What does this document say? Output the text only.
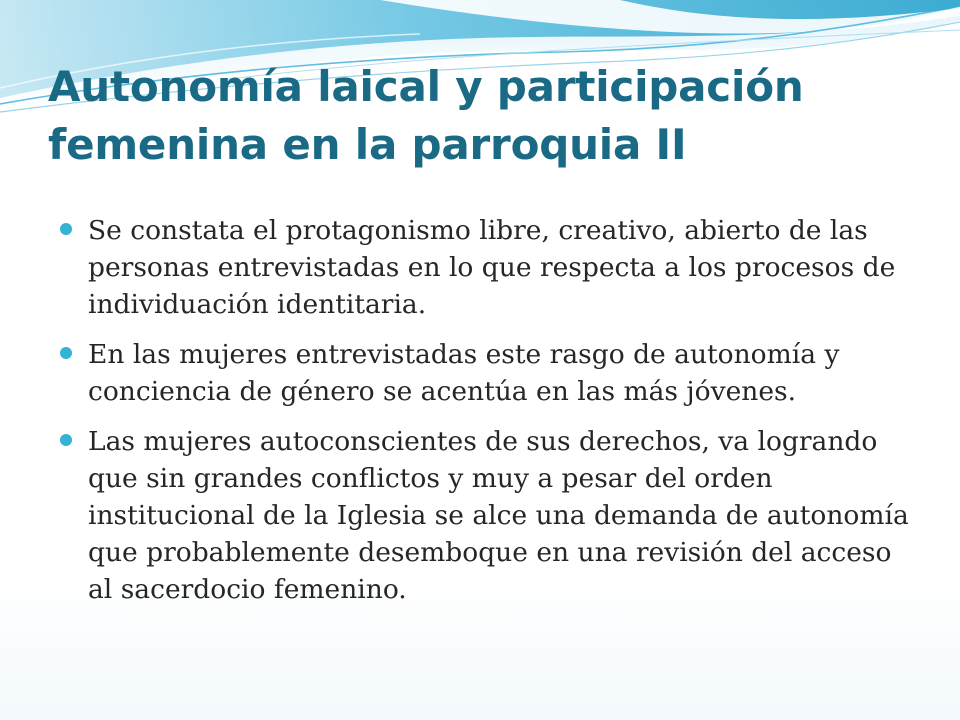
Autonomía laical y participación femenina en la parroquia II
Se constata el protagonismo libre, creativo, abierto de las personas entrevistadas en lo que respecta a los procesos de individuación identitaria.
En las mujeres entrevistadas este rasgo de autonomía y conciencia de género se acentúa en las más jóvenes.
Las mujeres autoconscientes de sus derechos, va logrando que sin grandes conflictos y muy a pesar del orden institucional de la Iglesia se alce una demanda de autonomía que probablemente desemboque en una revisión del acceso al sacerdocio femenino.
